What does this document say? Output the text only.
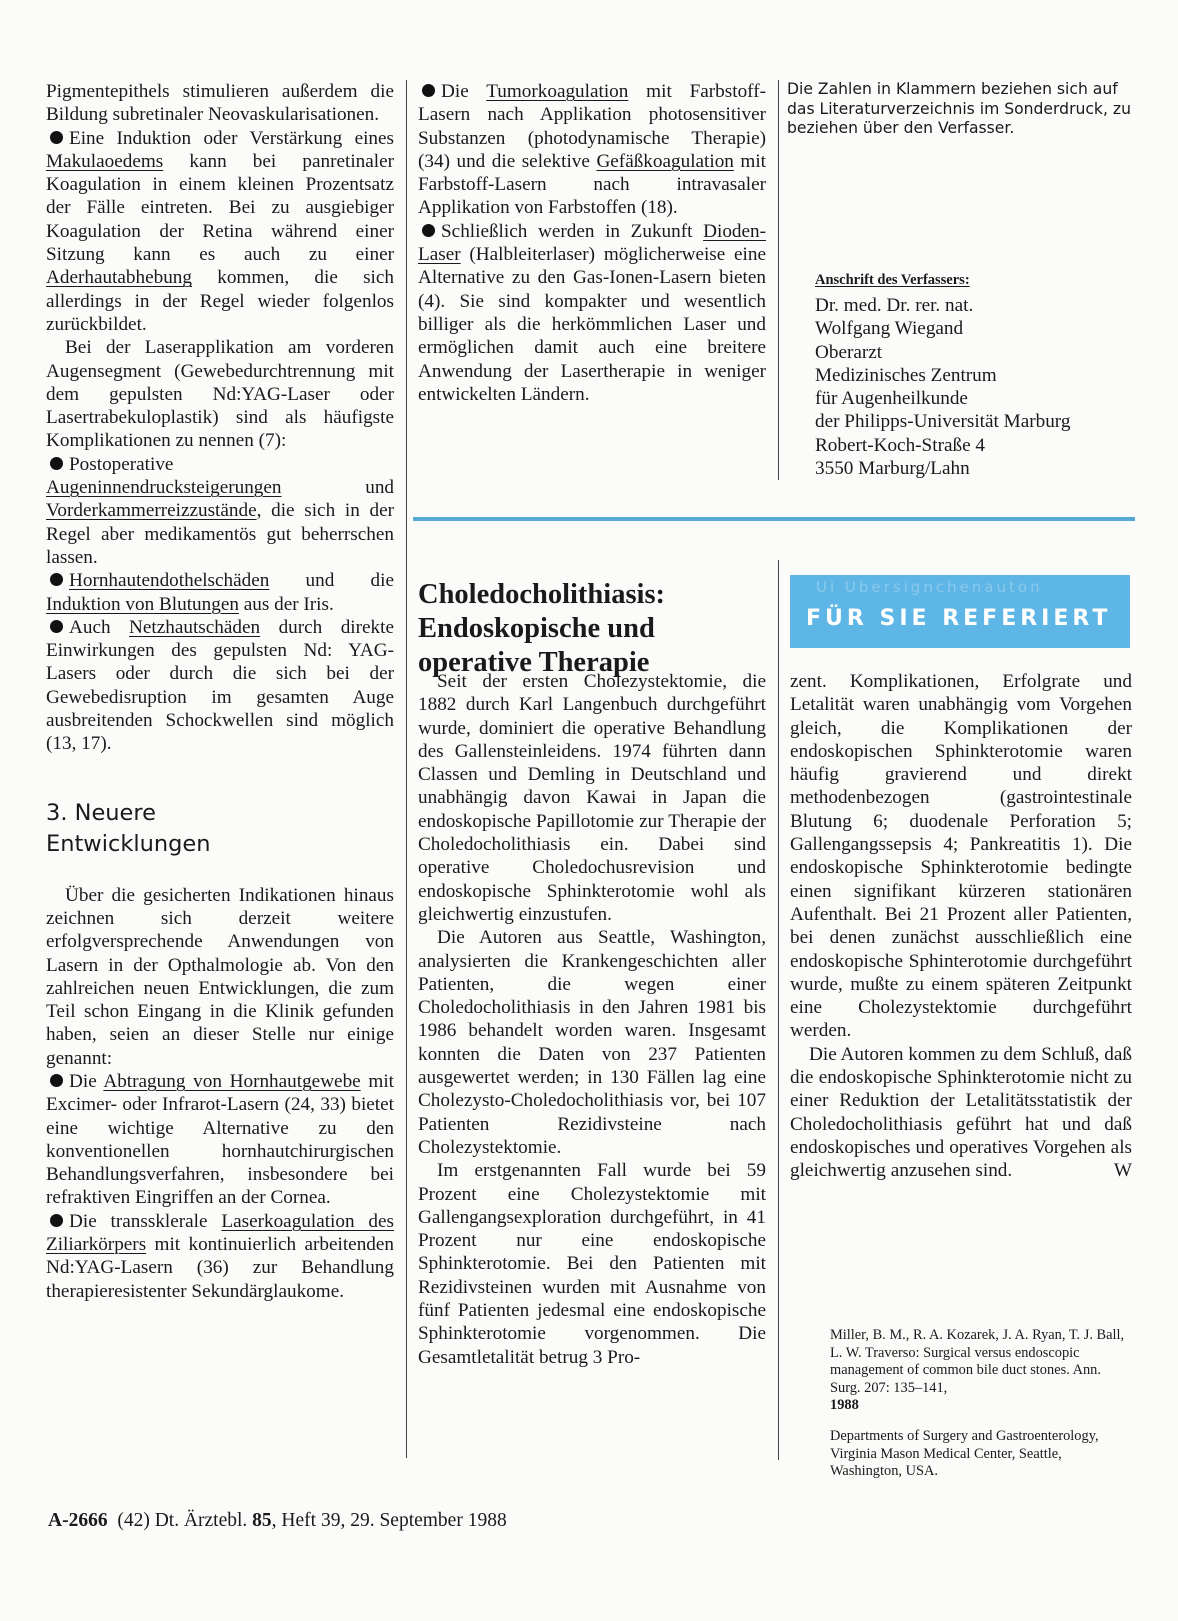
Pigmentepithels stimulieren außerdem die Bildung subretinaler Neovaskularisationen.

Eine Induktion oder Verstärkung eines Makulaoedems kann bei panretinaler Koagulation in einem kleinen Prozentsatz der Fälle eintreten. Bei zu ausgiebiger Koagulation der Retina während einer Sitzung kann es auch zu einer Aderhautabhebung kommen, die sich allerdings in der Regel wieder folgenlos zurückbildet.

Bei der Laserapplikation am vorderen Augensegment (Gewebedurchtrennung mit dem gepulsten Nd:YAG-Laser oder Lasertrabekuloplastik) sind als häufigste Komplikationen zu nennen (7):

Postoperative Augeninnendrucksteigerungen und Vorderkammerreizzustände, die sich in der Regel aber medikamentös gut beherrschen lassen.

Hornhautendothelschäden und die Induktion von Blutungen aus der Iris.

Auch Netzhautschäden durch direkte Einwirkungen des gepulsten Nd: YAG-Lasers oder durch die sich bei der Gewebedisruption im gesamten Auge ausbreitenden Schockwellen sind möglich (13, 17).

3. Neuere
Entwicklungen

Über die gesicherten Indikationen hinaus zeichnen sich derzeit weitere erfolgversprechende Anwendungen von Lasern in der Opthalmologie ab. Von den zahlreichen neuen Entwicklungen, die zum Teil schon Eingang in die Klinik gefunden haben, seien an dieser Stelle nur einige genannt:

Die Abtragung von Hornhautgewebe mit Excimer- oder Infrarot-Lasern (24, 33) bietet eine wichtige Alternative zu den konventionellen hornhautchirurgischen Behandlungsverfahren, insbesondere bei refraktiven Eingriffen an der Cornea.

Die transsklerale Laserkoagulation des Ziliarkörpers mit kontinuierlich arbeitenden Nd:YAG-Lasern (36) zur Behandlung therapieresistenter Sekundärglaukome.

Die Tumorkoagulation mit Farbstoff-Lasern nach Applikation photosensitiver Substanzen (photodynamische Therapie) (34) und die selektive Gefäßkoagulation mit Farbstoff-Lasern nach intravasaler Applikation von Farbstoffen (18).

Schließlich werden in Zukunft Dioden-Laser (Halbleiterlaser) möglicherweise eine Alternative zu den Gas-Ionen-Lasern bieten (4). Sie sind kompakter und wesentlich billiger als die herkömmlichen Laser und ermöglichen damit auch eine breitere Anwendung der Lasertherapie in weniger entwickelten Ländern.

Die Zahlen in Klammern beziehen sich auf das Literaturverzeichnis im Sonderdruck, zu beziehen über den Verfasser.
Anschrift des Verfassers:
Dr. med. Dr. rer. nat.
Wolfgang Wiegand
Oberarzt
Medizinisches Zentrum
für Augenheilkunde
der Philipps-Universität Marburg
Robert-Koch-Straße 4
3550 Marburg/Lahn
Choledocholithiasis:
Endoskopische und
operative Therapie
Ui Ubersignchenauton
FÜR SIE REFERIERT

Seit der ersten Cholezystektomie, die 1882 durch Karl Langenbuch durchgeführt wurde, dominiert die operative Behandlung des Gallensteinleidens. 1974 führten dann Classen und Demling in Deutschland und unabhängig davon Kawai in Japan die endoskopische Papillotomie zur Therapie der Choledocholithiasis ein. Dabei sind operative Choledochusrevision und endoskopische Sphinkterotomie wohl als gleichwertig einzustufen.

Die Autoren aus Seattle, Washington, analysierten die Krankengeschichten aller Patienten, die wegen einer Choledocholithiasis in den Jahren 1981 bis 1986 behandelt worden waren. Insgesamt konnten die Daten von 237 Patienten ausgewertet werden; in 130 Fällen lag eine Cholezysto-Choledocholithiasis vor, bei 107 Patienten Rezidivsteine nach Cholezystektomie.

Im erstgenannten Fall wurde bei 59 Prozent eine Cholezystektomie mit Gallengangsexploration durchgeführt, in 41 Prozent nur eine endoskopische Sphinkterotomie. Bei den Patienten mit Rezidivsteinen wurden mit Ausnahme von fünf Patienten jedesmal eine endoskopische Sphinkterotomie vorgenommen. Die Gesamtletalität betrug 3 Pro-

zent. Komplikationen, Erfolgrate und Letalität waren unabhängig vom Vorgehen gleich, die Komplikationen der endoskopischen Sphinkterotomie waren häufig gravierend und direkt methodenbezogen (gastrointestinale Blutung 6; duodenale Perforation 5; Gallengangssepsis 4; Pankreatitis 1). Die endoskopische Sphinkterotomie bedingte einen signifikant kürzeren stationären Aufenthalt. Bei 21 Prozent aller Patienten, bei denen zunächst ausschließlich eine endoskopische Sphinterotomie durchgeführt wurde, mußte zu einem späteren Zeitpunkt eine Cholezystektomie durchgeführt werden.

Die Autoren kommen zu dem Schluß, daß die endoskopische Sphinkterotomie nicht zu einer Reduktion der Letalitätsstatistik der Choledocholithiasis geführt hat und daß endoskopisches und operatives Vorgehen als gleichwertig anzusehen sind.	W

Miller, B. M., R. A. Kozarek, J. A. Ryan, T. J. Ball, L. W. Traverso: Surgical versus endoscopic management of common bile duct stones. Ann. Surg. 207: 135–141,
1988
Departments of Surgery and Gastroenterology, Virginia Mason Medical Center, Seattle, Washington, USA.
A-2666 (42) Dt. Ärztebl. 85, Heft 39, 29. September 1988
